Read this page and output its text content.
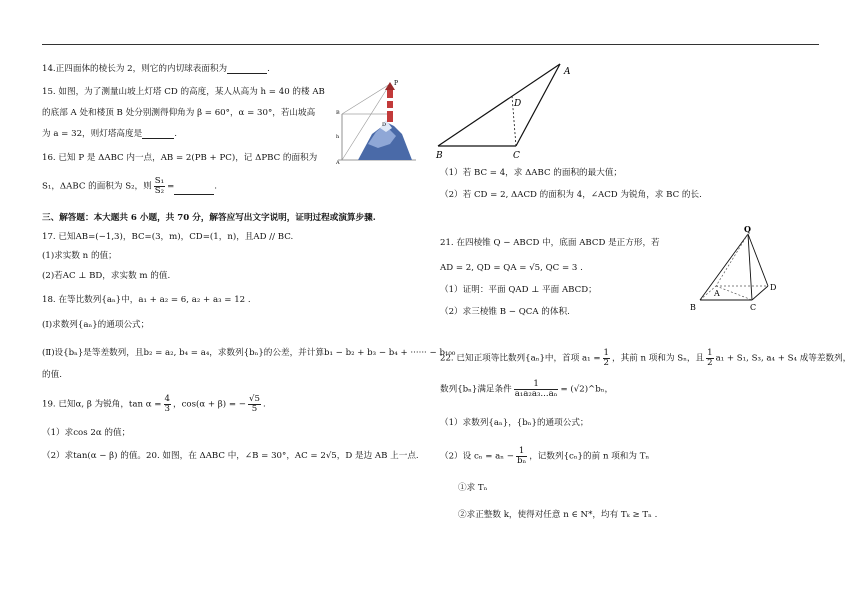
14.正四面体的棱长为 2，则它的内切球表面积为	.
15. 如图，为了测量山坡上灯塔 CD 的高度，某人从高为 h = 40 的楼 AB
的底部 A 处和楼顶 B 处分别测得仰角为 β = 60°，α = 30°，若山坡高
为 a = 32，则灯塔高度是	.
P
D
B
A
h
16. 已知 P 是 ΔABC 内一点，AB = 2(PB + PC)，记 ΔPBC 的面积为
S₁，ΔABC 的面积为 S₂，则 $\frac{\text{S₁}}{\text{S₂}}$ =	.
三、解答题：本大题共 6 小题，共 70 分，解答应写出文字说明，证明过程或演算步骤.
17. 已知AB=(−1,3)，BC=(3，m)，CD=(1，n)，且AD // BC.
(1)求实数 n 的值；
(2)若AC ⊥ BD，求实数 m 的值.
18. 在等比数列{aₙ}中，a₁ + a₂ = 6, a₂ + a₃ = 12 .
(Ⅰ)求数列{aₙ}的通项公式；
(Ⅱ)设{bₙ}是等差数列，且b₂ = a₂, b₄ = a₄，求数列{bₙ}的公差，并计算b₁ − b₂ + b₃ − b₄ + ······ − b₁₀₀
的值.
19. 已知α, β 为锐角，$\tan \alpha = \frac{4}{3}$ ，cos(α + β) = − $\frac{√5}{5}$ .
（1）求cos 2α 的值；
（2）求tan(α − β) 的值。20. 如图，在 ΔABC 中，∠B = 30°，AC = 2√5，D 是边 AB 上一点.
A
B	C
D
（1）若 BC = 4，求 ΔABC 的面积的最大值；
（2）若 CD = 2, ΔACD 的面积为 4，∠ACD 为锐角，求 BC 的长.
21. 在四棱锥 Q − ABCD 中，底面 ABCD 是正方形，若
AD = 2, QD = QA = √5, QC = 3 .
（1）证明：平面 QAD ⊥ 平面 ABCD；
（2）求三棱锥 B − QCA 的体积.
Q
A
B	C
D
22. 已知正项等比数列{aₙ}中，首项 $a_1 = \frac{1}{2}$ ，其前 n 项和为 Sₙ，且 $\frac{1}{2} a_1 + S_1$, S₃, a₄ + S₄ 成等差数列，
数列{bₙ}满足条件 $\frac{1}{\text{a₁a₂a₃...aₙ}}$ = (√2)^bₙ，
（1）求数列{aₙ}，{bₙ}的通项公式；
（2）设 $c_n = a_n - \frac{1}{\text{bₙ}}$ ，记数列{cₙ}的前 n 项和为 Tₙ
①求 Tₙ
②求正整数 k，使得对任意 n ∈ N*，均有 Tₖ ≥ Tₙ .
